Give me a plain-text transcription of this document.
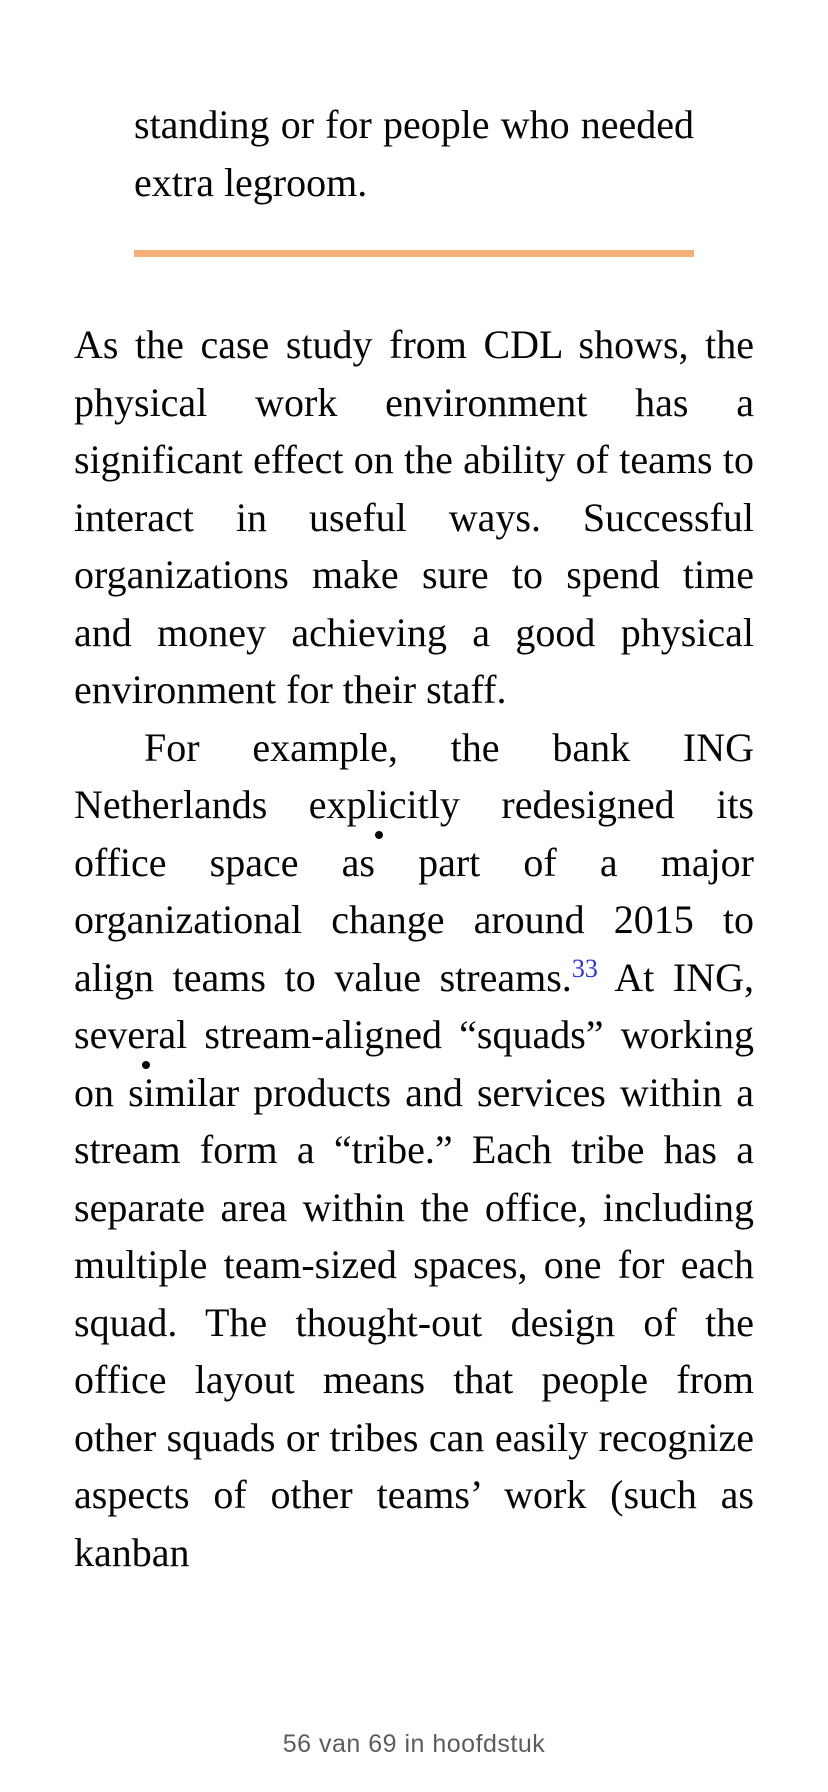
standing or for people who needed extra legroom.

As the case study from CDL shows, the physical work environment has a significant effect on the ability of teams to interact in useful ways. Successful organizations make sure to spend time and money achieving a good physical environment for their staff.

For example, the bank ING Netherlands explicitly redesigned its office space as part of a major organizational change around 2015 to align teams to value streams.$^{33}$ At ING, several stream-aligned “squads” working on similar products and services within a stream form a “tribe.” Each tribe has a separate area within the office, including multiple team-sized spaces, one for each squad. The thought-out design of the office layout means that people from other squads or tribes can easily recognize aspects of other teams’ work (such as kanban

56 van 69 in hoofdstuk
